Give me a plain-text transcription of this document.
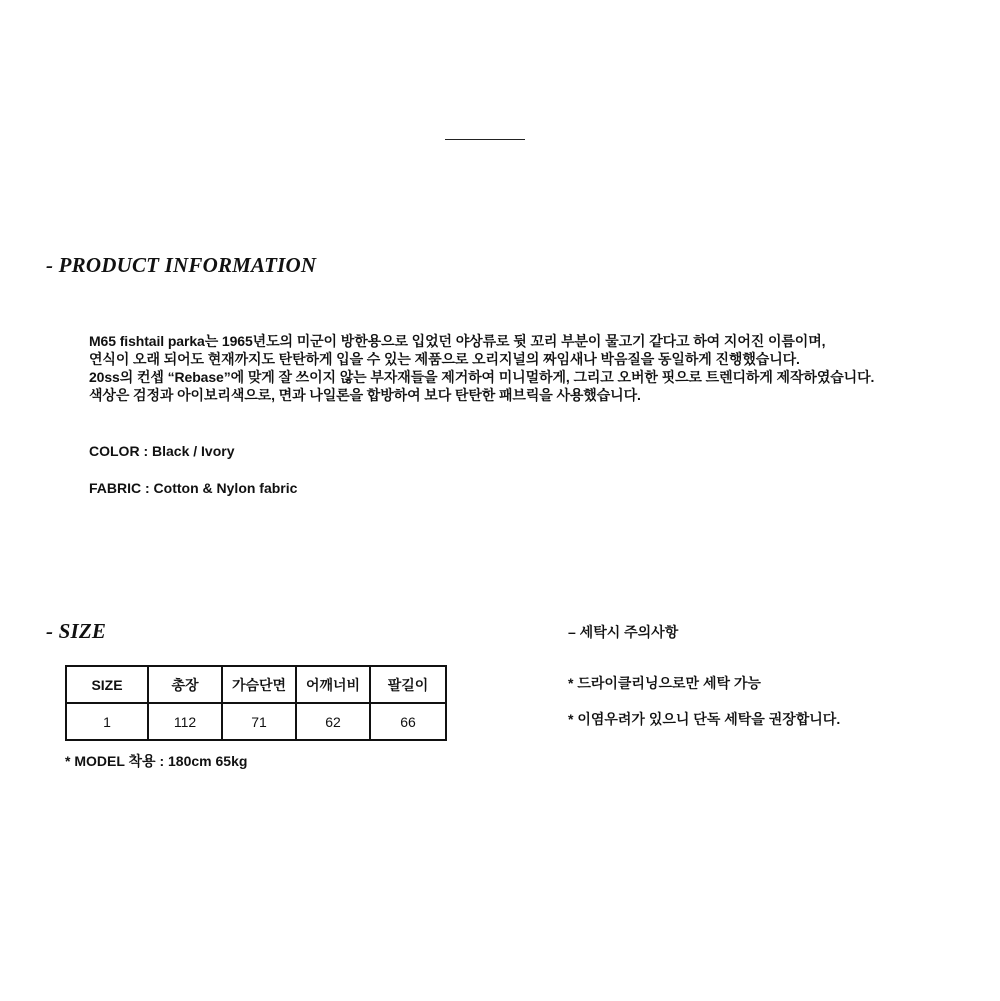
- PRODUCT INFORMATION
M65 fishtail parka는 1965년도의 미군이 방한용으로 입었던 야상류로 뒷 꼬리 부분이 물고기 같다고 하여 지어진 이름이며,
연식이 오래 되어도 현재까지도 탄탄하게 입을 수 있는 제품으로 오리지널의 짜임새나 박음질을 동일하게 진행했습니다.
20ss의 컨셉 “Rebase”에 맞게 잘 쓰이지 않는 부자재들을 제거하여 미니멀하게, 그리고 오버한 핏으로 트렌디하게 제작하였습니다.
색상은 검정과 아이보리색으로, 면과 나일론을 합방하여 보다 탄탄한 패브릭을 사용했습니다.
COLOR : Black / Ivory
FABRIC : Cotton & Nylon fabric
- SIZE
SIZE	총장	가슴단면	어깨너비	팔길이
1	112	71	62	66
* MODEL 착용 : 180cm 65kg
– 세탁시 주의사항
* 드라이클리닝으로만 세탁 가능
* 이염우려가 있으니 단독 세탁을 권장합니다.
